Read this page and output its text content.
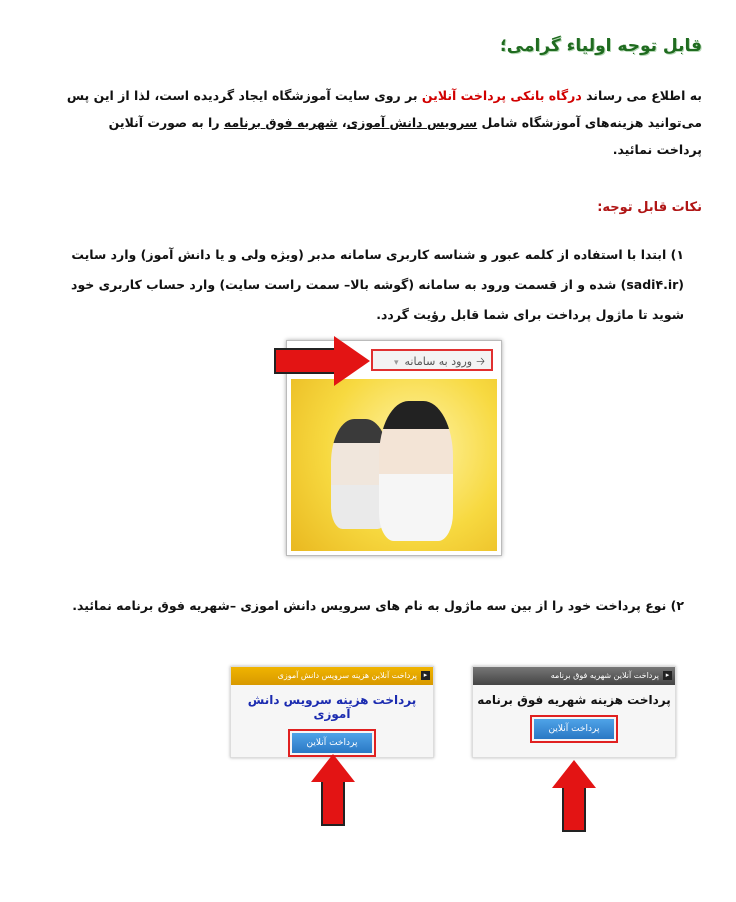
قابل توجه اولیاء گرامی؛
به اطلاع می رساند درگاه بانکی پرداخت آنلاین بر روی سایت آموزشگاه ایجاد گردیده است، لذا از این پس می‌توانید هزینه‌های آموزشگاه شامل سرویس دانش آموزی، شهریه فوق برنامه را به صورت آنلاین پرداخت نمائید.
نکات قابل توجه:
۱) ابتدا با استفاده از کلمه عبور و شناسه کاربری سامانه مدبر (ویژه ولی و یا دانش آموز) وارد سایت (sadi۴.ir) شده و از قسمت ورود به سامانه (گوشه بالا– سمت راست سایت) وارد حساب کاربری خود شوید تا ماژول پرداخت برای شما قابل رؤیت گردد.
🡢ورود به سامانه▾
۲) نوع پرداخت خود را از بین سه ماژول به نام های سرویس دانش اموزی –شهریه فوق برنامه نمائید.
▸
پرداخت آنلاین هزینه سرویس دانش آموزی
پرداخت هزینه سرویس دانش آموزی
پرداخت آنلاین
▸
پرداخت آنلاین شهریه فوق برنامه
پرداخت هزینه شهریه فوق برنامه
پرداخت آنلاین
